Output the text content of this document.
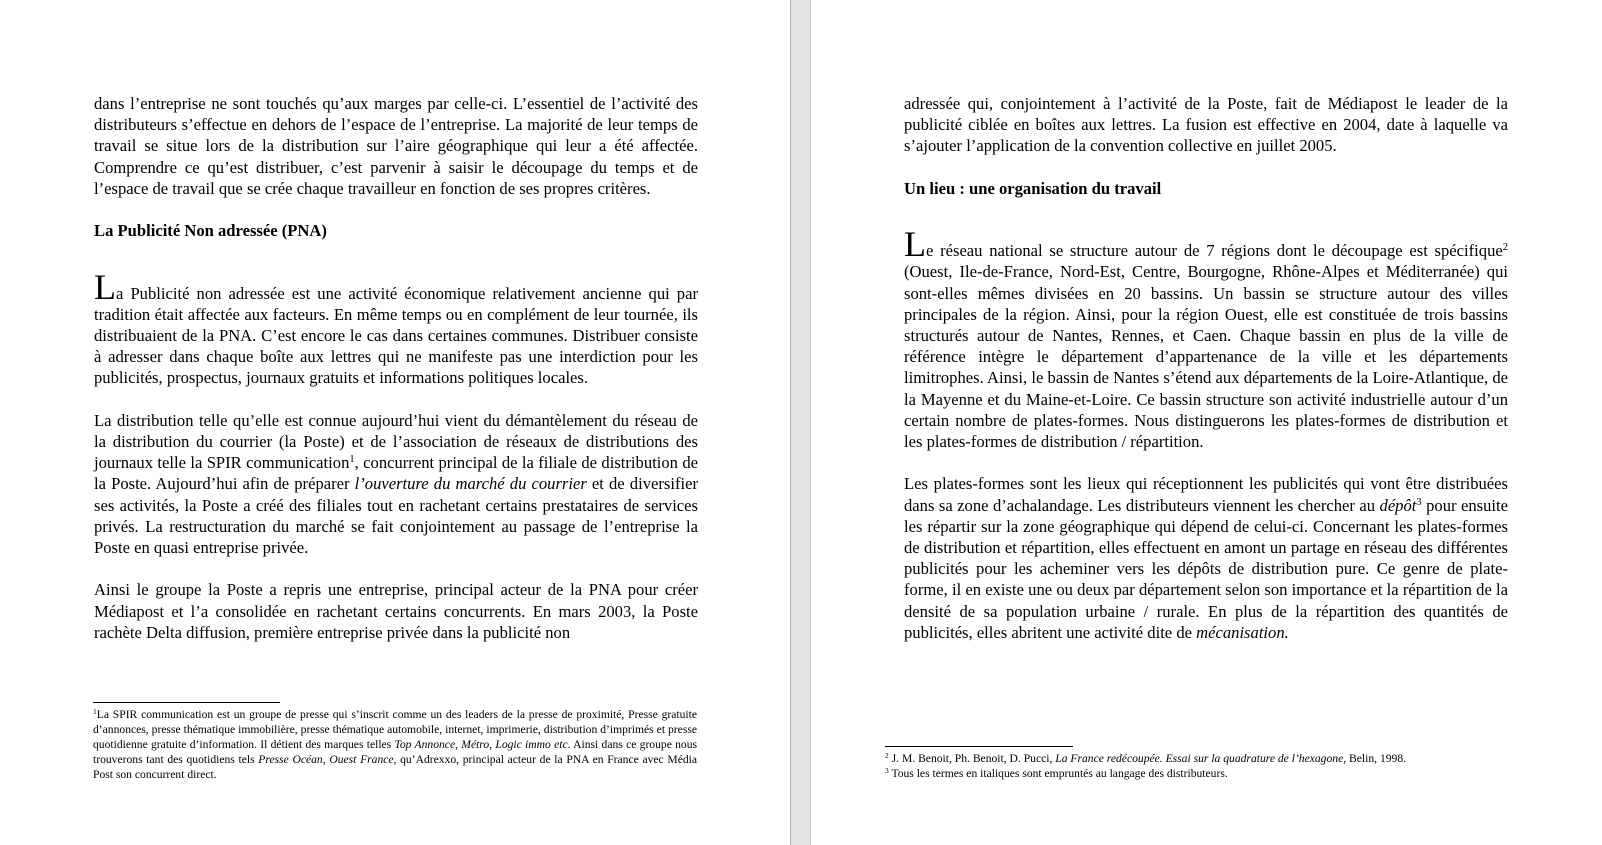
dans l’entreprise ne sont touchés qu’aux marges par celle-ci. L’essentiel de l’activité des distributeurs s’effectue en dehors de l’espace de l’entreprise. La majorité de leur temps de travail se situe lors de la distribution sur l’aire géographique qui leur a été affectée. Comprendre ce qu’est distribuer, c’est parvenir à saisir le découpage du temps et de l’espace de travail que se crée chaque travailleur en fonction de ses propres critères.

La Publicité Non adressée (PNA)

La Publicité non adressée est une activité économique relativement ancienne qui par tradition était affectée aux facteurs. En même temps ou en complément de leur tournée, ils distribuaient de la PNA. C’est encore le cas dans certaines communes. Distribuer consiste à adresser dans chaque boîte aux lettres qui ne manifeste pas une interdiction pour les publicités, prospectus, journaux gratuits et informations politiques locales.

La distribution telle qu’elle est connue aujourd’hui vient du démantèlement du réseau de la distribution du courrier (la Poste) et de l’association de réseaux de distributions des journaux telle la SPIR communication$^1$, concurrent principal de la filiale de distribution de la Poste. Aujourd’hui afin de préparer l’ouverture du marché du courrier et de diversifier ses activités, la Poste a créé des filiales tout en rachetant certains prestataires de services privés. La restructuration du marché se fait conjointement au passage de l’entreprise la Poste en quasi entreprise privée.

Ainsi le groupe la Poste a repris une entreprise, principal acteur de la PNA pour créer Médiapost et l’a consolidée en rachetant certains concurrents. En mars 2003, la Poste rachète Delta diffusion, première entreprise privée dans la publicité non

$^1$La SPIR communication est un groupe de presse qui s’inscrit comme un des leaders de la presse de proximité, Presse gratuite d’annonces, presse thématique immobilière, presse thématique automobile, internet, imprimerie, distribution d’imprimés et presse quotidienne gratuite d’information. Il détient des marques telles Top Annonce, Métro, Logic immo etc. Ainsi dans ce groupe nous trouverons tant des quotidiens tels Presse Océan, Ouest France, qu’Adrexxo, principal acteur de la PNA en France avec Média Post son concurrent direct.

adressée qui, conjointement à l’activité de la Poste, fait de Médiapost le leader de la publicité ciblée en boîtes aux lettres. La fusion est effective en 2004, date à laquelle va s’ajouter l’application de la convention collective en juillet 2005.

Un lieu : une organisation du travail

Le réseau national se structure autour de 7 régions dont le découpage est spécifique$^2$ (Ouest, Ile-de-France, Nord-Est, Centre, Bourgogne, Rhône-Alpes et Méditerranée) qui sont-elles mêmes divisées en 20 bassins. Un bassin se structure autour des villes principales de la région. Ainsi, pour la région Ouest, elle est constituée de trois bassins structurés autour de Nantes, Rennes, et Caen. Chaque bassin en plus de la ville de référence intègre le département d’appartenance de la ville et les départements limitrophes. Ainsi, le bassin de Nantes s’étend aux départements de la Loire-Atlantique, de la Mayenne et du Maine-et-Loire. Ce bassin structure son activité industrielle autour d’un certain nombre de plates-formes. Nous distinguerons les plates-formes de distribution et les plates-formes de distribution / répartition.

Les plates-formes sont les lieux qui réceptionnent les publicités qui vont être distribuées dans sa zone d’achalandage. Les distributeurs viennent les chercher au dépôt$^3$ pour ensuite les répartir sur la zone géographique qui dépend de celui-ci. Concernant les plates-formes de distribution et répartition, elles effectuent en amont un partage en réseau des différentes publicités pour les acheminer vers les dépôts de distribution pure. Ce genre de plate-forme, il en existe une ou deux par département selon son importance et la répartition de la densité de sa population urbaine / rurale. En plus de la répartition des quantités de publicités, elles abritent une activité dite de mécanisation.

$^2$ J. M. Benoit, Ph. Benoit, D. Pucci, La France redécoupée. Essai sur la quadrature de l’hexagone, Belin, 1998.

$^3$ Tous les termes en italiques sont empruntés au langage des distributeurs.
